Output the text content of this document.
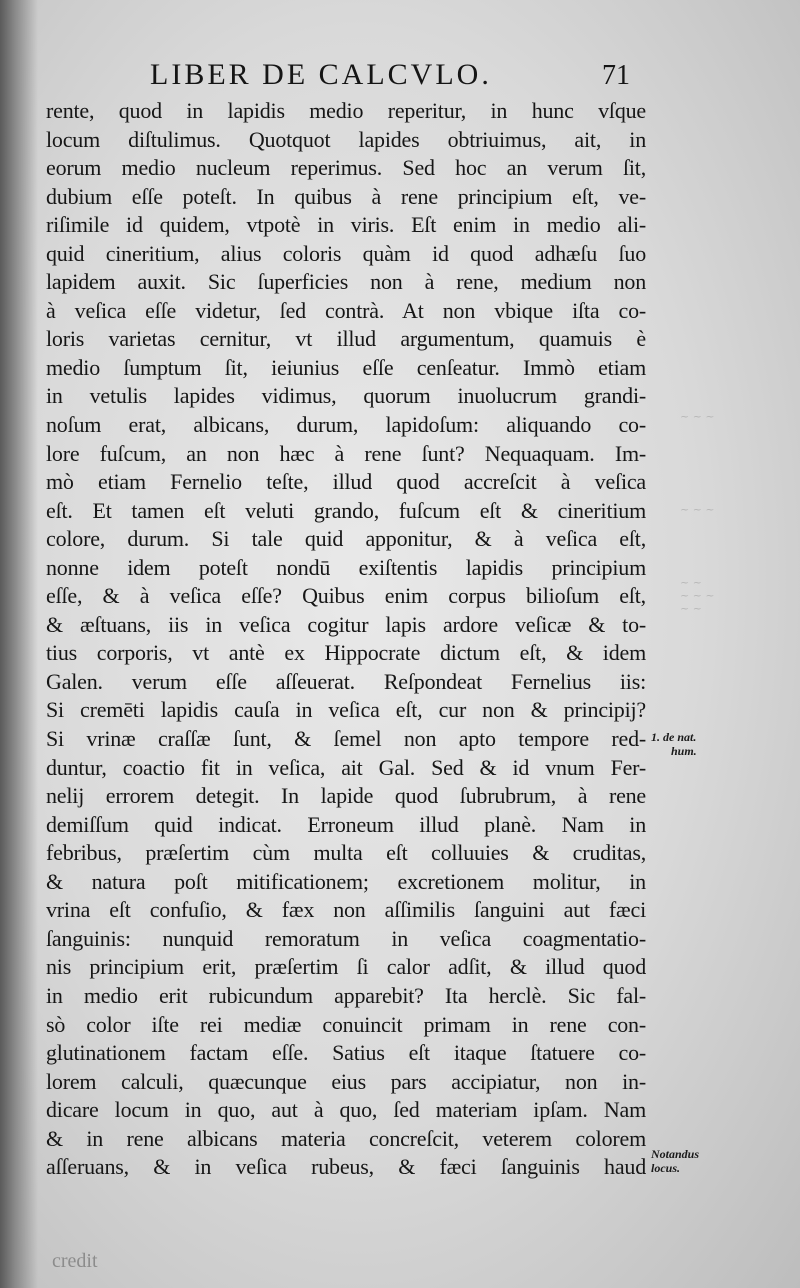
~ ~ ~
~ ~ ~
~ ~
~ ~ ~
~ ~
LIBER DE CALCVLO.	71
rente, quod in lapidis medio reperitur, in hunc vſque
locum diſtulimus. Quotquot lapides obtriuimus, ait, in
eorum medio nucleum reperimus. Sed hoc an verum ſit,
dubium eſſe poteſt. In quibus à rene principium eſt, ve-
riſimile id quidem, vtpotè in viris. Eſt enim in medio ali-
quid cineritium, alius coloris quàm id quod adhæſu ſuo
lapidem auxit. Sic ſuperficies non à rene, medium non
à veſica eſſe videtur, ſed contrà. At non vbique iſta co-
loris varietas cernitur, vt illud argumentum, quamuis è
medio ſumptum ſit, ieiunius eſſe cenſeatur. Immò etiam
in vetulis lapides vidimus, quorum inuolucrum grandi-
noſum erat, albicans, durum, lapidoſum: aliquando co-
lore fuſcum, an non hæc à rene ſunt? Nequaquam. Im-
mò etiam Fernelio teſte, illud quod accreſcit à veſica
eſt. Et tamen eſt veluti grando, fuſcum eſt & cineritium
colore, durum. Si tale quid apponitur, & à veſica eſt,
nonne idem poteſt nondū exiſtentis lapidis principium
eſſe, & à veſica eſſe? Quibus enim corpus bilioſum eſt,
& æſtuans, iis in veſica cogitur lapis ardore veſicæ & to-
tius corporis, vt antè ex Hippocrate dictum eſt, & idem
Galen. verum eſſe aſſeuerat. Reſpondeat Fernelius iis:
Si cremēti lapidis cauſa in veſica eſt, cur non & principij?
Si vrinæ craſſæ ſunt, & ſemel non apto tempore red-
duntur, coactio fit in veſica, ait Gal. Sed & id vnum Fer-
nelij errorem detegit. In lapide quod ſubrubrum, à rene
demiſſum quid indicat. Erroneum illud planè. Nam in
febribus, præſertim cùm multa eſt colluuies & cruditas,
& natura poſt mitificationem; excretionem molitur, in
vrina eſt confuſio, & fæx non aſſimilis ſanguini aut fæci
ſanguinis: nunquid remoratum in veſica coagmentatio-
nis principium erit, præſertim ſi calor adſit, & illud quod
in medio erit rubicundum apparebit? Ita herclè. Sic fal-
sò color iſte rei mediæ conuincit primam in rene con-
glutinationem factam eſſe. Satius eſt itaque ſtatuere co-
lorem calculi, quæcunque eius pars accipiatur, non in-
dicare locum in quo, aut à quo, ſed materiam ipſam. Nam
& in rene albicans materia concreſcit, veterem colorem
aſſeruans, & in veſica rubeus, & fæci ſanguinis haud
1. de nat.
hum.
Notandus
locus.
credit
